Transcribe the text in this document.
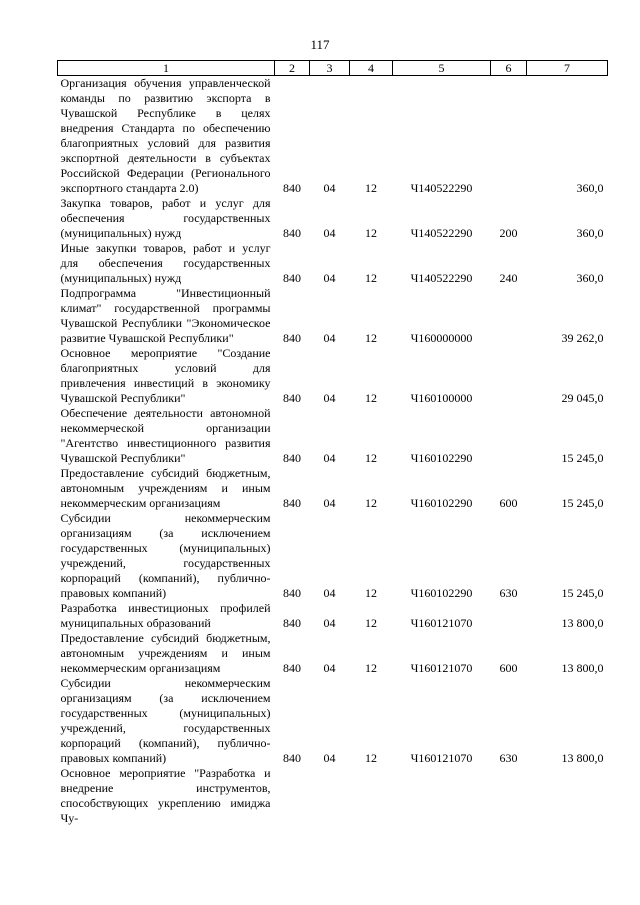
117
1	2	3	4	5	6	7
Организация обучения управленческой команды по развитию экспорта в Чувашской Республике в целях внедрения Стандарта по обеспечению благоприятных условий для развития экспортной деятельности в субъектах Российской Федерации (Регионального экспортного стандарта 2.0)	840	04	12	Ч140522290		360,0
Закупка товаров, работ и услуг для обеспечения государственных (муниципальных) нужд	840	04	12	Ч140522290	200	360,0
Иные закупки товаров, работ и услуг для обеспечения государственных (муниципальных) нужд	840	04	12	Ч140522290	240	360,0
Подпрограмма "Инвестиционный климат" государственной программы Чувашской Республики "Экономическое развитие Чувашской Республики"	840	04	12	Ч160000000		39 262,0
Основное мероприятие "Создание благоприятных условий для привлечения инвестиций в экономику Чувашской Республики"	840	04	12	Ч160100000		29 045,0
Обеспечение деятельности автономной некоммерческой организации "Агентство инвестиционного развития Чувашской Республики"	840	04	12	Ч160102290		15 245,0
Предоставление субсидий бюджетным, автономным учреждениям и иным некоммерческим организациям	840	04	12	Ч160102290	600	15 245,0
Субсидии некоммерческим организациям (за исключением государственных (муниципальных) учреждений, государственных корпораций (компаний), публично-правовых компаний)	840	04	12	Ч160102290	630	15 245,0
Разработка инвестиционых профилей муниципальных образований	840	04	12	Ч160121070		13 800,0
Предоставление субсидий бюджетным, автономным учреждениям и иным некоммерческим организациям	840	04	12	Ч160121070	600	13 800,0
Субсидии некоммерческим организациям (за исключением государственных (муниципальных) учреждений, государственных корпораций (компаний), публично-правовых компаний)	840	04	12	Ч160121070	630	13 800,0
Основное мероприятие "Разработка и внедрение инструментов, способствующих укреплению имиджа Чу-						
